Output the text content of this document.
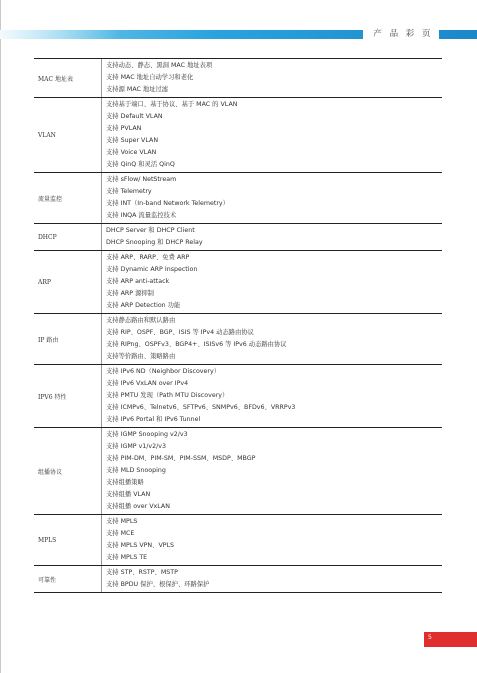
产 品 彩 页
MAC 地址表
支持动态、静态、黑洞 MAC 地址表项
支持 MAC 地址自动学习和老化
支持源 MAC 地址过滤
VLAN
支持基于端口、基于协议、基于 MAC 的 VLAN
支持 Default VLAN
支持 PVLAN
支持 Super VLAN
支持 Voice VLAN
支持 QinQ 和灵活 QinQ
流量监控
支持 sFlow/ NetStream
支持 Telemetry
支持 INT（In-band Network Telemetry）
支持 INQA 流量监控技术
DHCP
DHCP Server 和 DHCP Client
DHCP Snooping 和 DHCP Relay
ARP
支持 ARP、RARP、免费 ARP
支持 Dynamic ARP Inspection
支持 ARP anti-attack
支持 ARP 源抑制
支持 ARP Detection 功能
IP 路由
支持静态路由和默认路由
支持 RIP、OSPF、BGP、ISIS 等 IPv4 动态路由协议
支持 RIPng、OSPFv3、BGP4+、ISISv6 等 IPv6 动态路由协议
支持等价路由、策略路由
IPV6 特性
支持 IPv6 ND（Neighbor Discovery）
支持 IPv6 VxLAN over IPv4
支持 PMTU 发现（Path MTU Discovery）
支持 ICMPv6、Telnetv6、SFTPv6、SNMPv6、BFDv6、VRRPv3
支持 IPv6 Portal 和 IPv6 Tunnel
组播协议
支持 IGMP Snooping v2/v3
支持 IGMP v1/v2/v3
支持 PIM-DM、PIM-SM、PIM-SSM、MSDP、MBGP
支持 MLD Snooping
支持组播策略
支持组播 VLAN
支持组播 over VxLAN
MPLS
支持 MPLS
支持 MCE
支持 MPLS VPN、VPLS
支持 MPLS TE
可靠性
支持 STP、RSTP、MSTP
支持 BPDU 保护、根保护、环路保护
5
